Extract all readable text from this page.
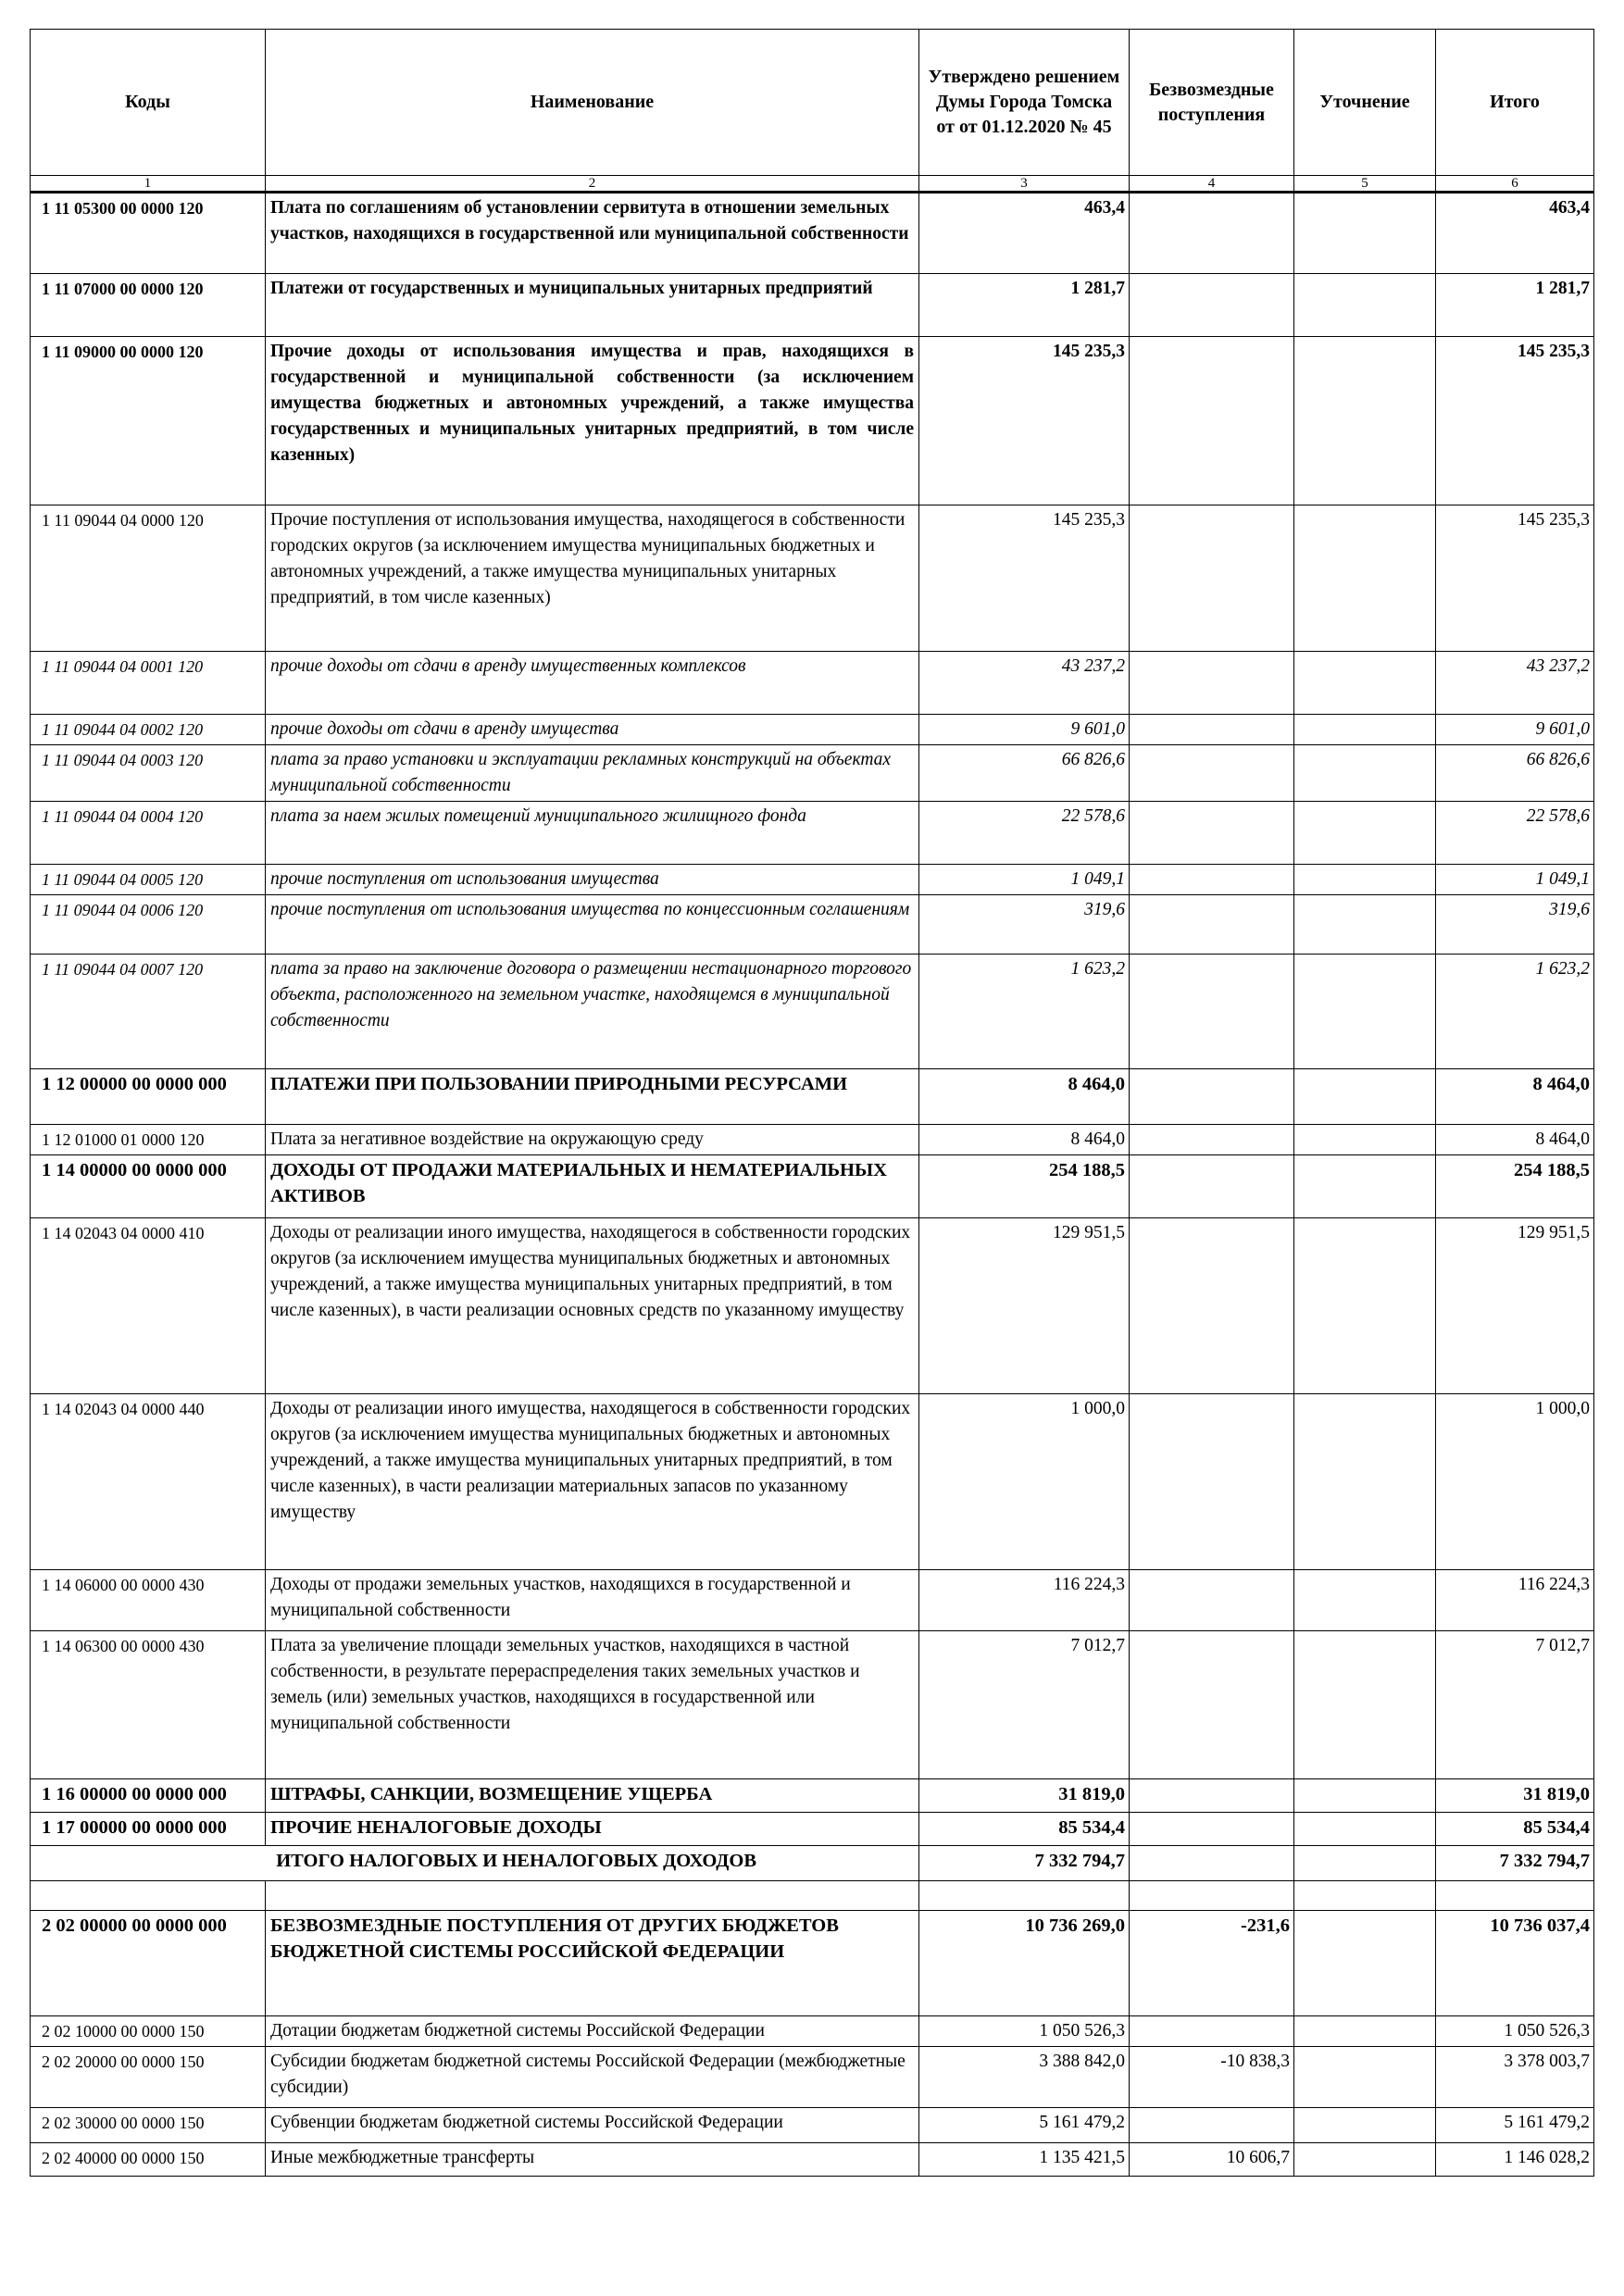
Коды	Наименование	Утверждено решением Думы Города Томска от от 01.12.2020 № 45	Безвозмездные поступления	Уточнение	Итого
1	2	3	4	5	6
1 11 05300 00 0000 120	Плата по соглашениям об установлении сервитута в отношении земельных участков, находящихся в государственной или муниципальной собственности	463,4			463,4
1 11 07000 00 0000 120	Платежи от государственных и муниципальных унитарных предприятий	1 281,7			1 281,7
1 11 09000 00 0000 120	Прочие доходы от использования имущества и прав, находящихся в государственной и муниципальной собственности (за исключением имущества бюджетных и автономных учреждений, а также имущества государственных и муниципальных унитарных предприятий, в том числе казенных)	145 235,3			145 235,3
1 11 09044 04 0000 120	Прочие поступления от использования имущества, находящегося в собственности городских округов (за исключением имущества муниципальных бюджетных и автономных учреждений, а также имущества муниципальных унитарных предприятий, в том числе казенных)	145 235,3			145 235,3
1 11 09044 04 0001 120	прочие доходы от сдачи в аренду имущественных комплексов	43 237,2			43 237,2
1 11 09044 04 0002 120	прочие доходы от сдачи в аренду имущества	9 601,0			9 601,0
1 11 09044 04 0003 120	плата за право установки и эксплуатации рекламных конструкций на объектах муниципальной собственности	66 826,6			66 826,6
1 11 09044 04 0004 120	плата за наем жилых помещений муниципального жилищного фонда	22 578,6			22 578,6
1 11 09044 04 0005 120	прочие поступления от использования имущества	1 049,1			1 049,1
1 11 09044 04 0006 120	прочие поступления от использования имущества по концессионным соглашениям	319,6			319,6
1 11 09044 04 0007 120	плата за право на заключение договора о размещении нестационарного торгового объекта, расположенного на земельном участке, находящемся в муниципальной собственности	1 623,2			1 623,2
1 12 00000 00 0000 000	ПЛАТЕЖИ ПРИ ПОЛЬЗОВАНИИ ПРИРОДНЫМИ РЕСУРСАМИ	8 464,0			8 464,0
1 12 01000 01 0000 120	Плата за негативное воздействие на окружающую среду	8 464,0			8 464,0
1 14 00000 00 0000 000	ДОХОДЫ ОТ ПРОДАЖИ МАТЕРИАЛЬНЫХ И НЕМАТЕРИАЛЬНЫХ АКТИВОВ	254 188,5			254 188,5
1 14 02043 04 0000 410	Доходы от реализации иного имущества, находящегося в собственности городских округов (за исключением имущества муниципальных бюджетных и автономных учреждений, а также имущества муниципальных унитарных предприятий, в том числе казенных), в части реализации основных средств по указанному имуществу	129 951,5			129 951,5
1 14 02043 04 0000 440	Доходы от реализации иного имущества, находящегося в собственности городских округов (за исключением имущества муниципальных бюджетных и автономных учреждений, а также имущества муниципальных унитарных предприятий, в том числе казенных), в части реализации материальных запасов по указанному имуществу	1 000,0			1 000,0
1 14 06000 00 0000 430	Доходы от продажи земельных участков, находящихся в государственной и муниципальной собственности	116 224,3			116 224,3
1 14 06300 00 0000 430	Плата за увеличение площади земельных участков, находящихся в частной собственности, в результате перераспределения таких земельных участков и земель (или) земельных участков, находящихся в государственной или муниципальной собственности	7 012,7			7 012,7
1 16 00000 00 0000 000	ШТРАФЫ, САНКЦИИ, ВОЗМЕЩЕНИЕ УЩЕРБА	31 819,0			31 819,0
1 17 00000 00 0000 000	ПРОЧИЕ НЕНАЛОГОВЫЕ ДОХОДЫ	85 534,4			85 534,4
ИТОГО НАЛОГОВЫХ И НЕНАЛОГОВЫХ ДОХОДОВ		7 332 794,7			7 332 794,7

2 02 00000 00 0000 000	БЕЗВОЗМЕЗДНЫЕ ПОСТУПЛЕНИЯ ОТ ДРУГИХ БЮДЖЕТОВ БЮДЖЕТНОЙ СИСТЕМЫ РОССИЙСКОЙ ФЕДЕРАЦИИ	10 736 269,0	-231,6		10 736 037,4
2 02 10000 00 0000 150	Дотации бюджетам бюджетной системы Российской Федерации	1 050 526,3			1 050 526,3
2 02 20000 00 0000 150	Субсидии бюджетам бюджетной системы Российской Федерации (межбюджетные субсидии)	3 388 842,0	-10 838,3		3 378 003,7
2 02 30000 00 0000 150	Субвенции бюджетам бюджетной системы Российской Федерации	5 161 479,2			5 161 479,2
2 02 40000 00 0000 150	Иные межбюджетные трансферты	1 135 421,5	10 606,7		1 146 028,2
